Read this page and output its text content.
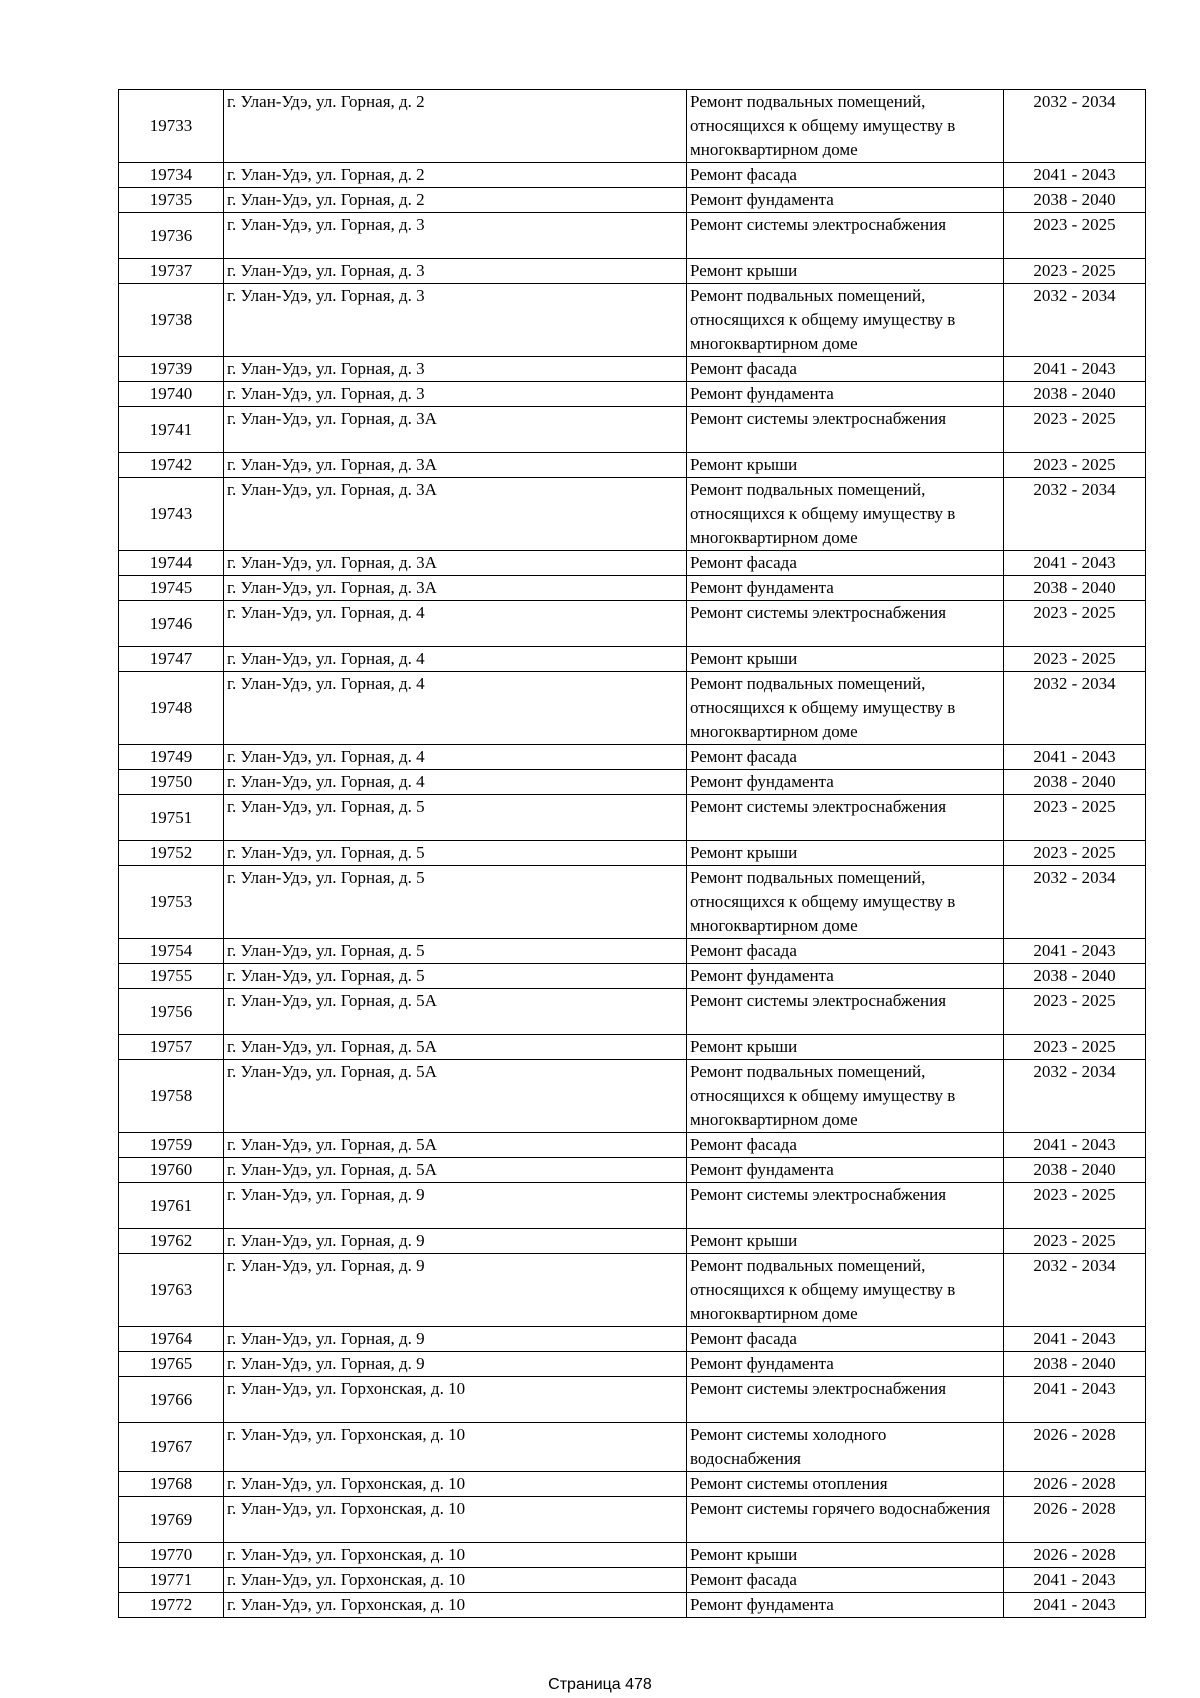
19733	г. Улан-Удэ, ул. Горная, д. 2	Ремонт подвальных помещений, относящихся к общему имуществу в многоквартирном доме	2032 - 2034
19734	г. Улан-Удэ, ул. Горная, д. 2	Ремонт фасада	2041 - 2043
19735	г. Улан-Удэ, ул. Горная, д. 2	Ремонт фундамента	2038 - 2040
19736	г. Улан-Удэ, ул. Горная, д. 3	Ремонт системы электроснабжения	2023 - 2025
19737	г. Улан-Удэ, ул. Горная, д. 3	Ремонт крыши	2023 - 2025
19738	г. Улан-Удэ, ул. Горная, д. 3	Ремонт подвальных помещений, относящихся к общему имуществу в многоквартирном доме	2032 - 2034
19739	г. Улан-Удэ, ул. Горная, д. 3	Ремонт фасада	2041 - 2043
19740	г. Улан-Удэ, ул. Горная, д. 3	Ремонт фундамента	2038 - 2040
19741	г. Улан-Удэ, ул. Горная, д. 3А	Ремонт системы электроснабжения	2023 - 2025
19742	г. Улан-Удэ, ул. Горная, д. 3А	Ремонт крыши	2023 - 2025
19743	г. Улан-Удэ, ул. Горная, д. 3А	Ремонт подвальных помещений, относящихся к общему имуществу в многоквартирном доме	2032 - 2034
19744	г. Улан-Удэ, ул. Горная, д. 3А	Ремонт фасада	2041 - 2043
19745	г. Улан-Удэ, ул. Горная, д. 3А	Ремонт фундамента	2038 - 2040
19746	г. Улан-Удэ, ул. Горная, д. 4	Ремонт системы электроснабжения	2023 - 2025
19747	г. Улан-Удэ, ул. Горная, д. 4	Ремонт крыши	2023 - 2025
19748	г. Улан-Удэ, ул. Горная, д. 4	Ремонт подвальных помещений, относящихся к общему имуществу в многоквартирном доме	2032 - 2034
19749	г. Улан-Удэ, ул. Горная, д. 4	Ремонт фасада	2041 - 2043
19750	г. Улан-Удэ, ул. Горная, д. 4	Ремонт фундамента	2038 - 2040
19751	г. Улан-Удэ, ул. Горная, д. 5	Ремонт системы электроснабжения	2023 - 2025
19752	г. Улан-Удэ, ул. Горная, д. 5	Ремонт крыши	2023 - 2025
19753	г. Улан-Удэ, ул. Горная, д. 5	Ремонт подвальных помещений, относящихся к общему имуществу в многоквартирном доме	2032 - 2034
19754	г. Улан-Удэ, ул. Горная, д. 5	Ремонт фасада	2041 - 2043
19755	г. Улан-Удэ, ул. Горная, д. 5	Ремонт фундамента	2038 - 2040
19756	г. Улан-Удэ, ул. Горная, д. 5А	Ремонт системы электроснабжения	2023 - 2025
19757	г. Улан-Удэ, ул. Горная, д. 5А	Ремонт крыши	2023 - 2025
19758	г. Улан-Удэ, ул. Горная, д. 5А	Ремонт подвальных помещений, относящихся к общему имуществу в многоквартирном доме	2032 - 2034
19759	г. Улан-Удэ, ул. Горная, д. 5А	Ремонт фасада	2041 - 2043
19760	г. Улан-Удэ, ул. Горная, д. 5А	Ремонт фундамента	2038 - 2040
19761	г. Улан-Удэ, ул. Горная, д. 9	Ремонт системы электроснабжения	2023 - 2025
19762	г. Улан-Удэ, ул. Горная, д. 9	Ремонт крыши	2023 - 2025
19763	г. Улан-Удэ, ул. Горная, д. 9	Ремонт подвальных помещений, относящихся к общему имуществу в многоквартирном доме	2032 - 2034
19764	г. Улан-Удэ, ул. Горная, д. 9	Ремонт фасада	2041 - 2043
19765	г. Улан-Удэ, ул. Горная, д. 9	Ремонт фундамента	2038 - 2040
19766	г. Улан-Удэ, ул. Горхонская, д. 10	Ремонт системы электроснабжения	2041 - 2043
19767	г. Улан-Удэ, ул. Горхонская, д. 10	Ремонт системы холодного водоснабжения	2026 - 2028
19768	г. Улан-Удэ, ул. Горхонская, д. 10	Ремонт системы отопления	2026 - 2028
19769	г. Улан-Удэ, ул. Горхонская, д. 10	Ремонт системы горячего водоснабжения	2026 - 2028
19770	г. Улан-Удэ, ул. Горхонская, д. 10	Ремонт крыши	2026 - 2028
19771	г. Улан-Удэ, ул. Горхонская, д. 10	Ремонт фасада	2041 - 2043
19772	г. Улан-Удэ, ул. Горхонская, д. 10	Ремонт фундамента	2041 - 2043
Страница 478
